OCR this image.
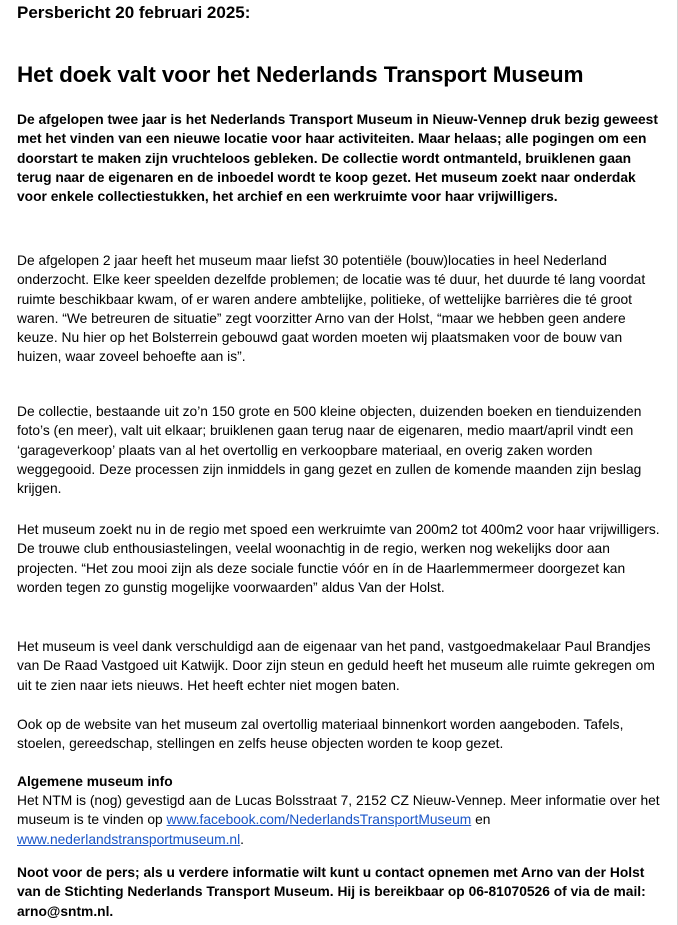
Persbericht 20 februari 2025:

Het doek valt voor het Nederlands Transport Museum

De afgelopen twee jaar is het Nederlands Transport Museum in Nieuw-Vennep druk bezig geweest met het vinden van een nieuwe locatie voor haar activiteiten. Maar helaas; alle pogingen om een doorstart te maken zijn vruchteloos gebleken. De collectie wordt ontmanteld, bruiklenen gaan terug naar de eigenaren en de inboedel wordt te koop gezet. Het museum zoekt naar onderdak voor enkele collectiestukken, het archief en een werkruimte voor haar vrijwilligers.

De afgelopen 2 jaar heeft het museum maar liefst 30 potentiële (bouw)locaties in heel Nederland onderzocht. Elke keer speelden dezelfde problemen; de locatie was té duur, het duurde té lang voordat ruimte beschikbaar kwam, of er waren andere ambtelijke, politieke, of wettelijke barrières die té groot waren. “We betreuren de situatie” zegt voorzitter Arno van der Holst, “maar we hebben geen andere keuze. Nu hier op het Bolsterrein gebouwd gaat worden moeten wij plaatsmaken voor de bouw van huizen, waar zoveel behoefte aan is”.

De collectie, bestaande uit zo’n 150 grote en 500 kleine objecten, duizenden boeken en tienduizenden foto’s (en meer), valt uit elkaar; bruiklenen gaan terug naar de eigenaren, medio maart/april vindt een ‘garageverkoop’ plaats van al het overtollig en verkoopbare materiaal, en overig zaken worden weggegooid. Deze processen zijn inmiddels in gang gezet en zullen de komende maanden zijn beslag krijgen.

Het museum zoekt nu in de regio met spoed een werkruimte van 200m2 tot 400m2 voor haar vrijwilligers. De trouwe club enthousiastelingen, veelal woonachtig in de regio, werken nog wekelijks door aan projecten. “Het zou mooi zijn als deze sociale functie vóór en ín de Haarlemmermeer doorgezet kan worden tegen zo gunstig mogelijke voorwaarden” aldus Van der Holst.

Het museum is veel dank verschuldigd aan de eigenaar van het pand, vastgoedmakelaar Paul Brandjes van De Raad Vastgoed uit Katwijk. Door zijn steun en geduld heeft het museum alle ruimte gekregen om uit te zien naar iets nieuws. Het heeft echter niet mogen baten.

Ook op de website van het museum zal overtollig materiaal binnenkort worden aangeboden. Tafels, stoelen, gereedschap, stellingen en zelfs heuse objecten worden te koop gezet.

Algemene museum info

Het NTM is (nog) gevestigd aan de Lucas Bolsstraat 7, 2152 CZ Nieuw-Vennep. Meer informatie over het museum is te vinden op www.facebook.com/NederlandsTransportMuseum en
www.nederlandstransportmuseum.nl.

Noot voor de pers; als u verdere informatie wilt kunt u contact opnemen met Arno van der Holst van de Stichting Nederlands Transport Museum. Hij is bereikbaar op 06-81070526 of via de mail: arno@sntm.nl.
